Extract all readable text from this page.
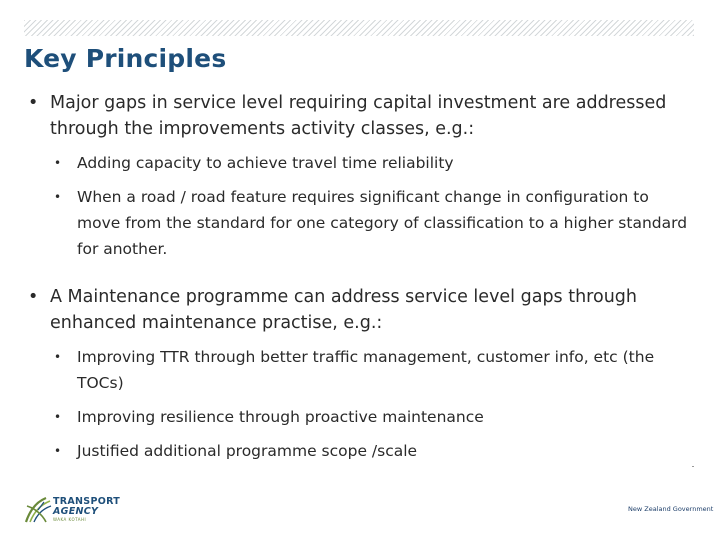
Key Principles
• Major gaps in service level requiring capital investment are addressed through the improvements activity classes, e.g.:
• Adding capacity to achieve travel time reliability
• When a road / road feature requires significant change in configuration to move from the standard for one category of classification to a higher standard for another.
• A Maintenance programme can address service level gaps through enhanced maintenance practise, e.g.:
• Improving TTR through better traffic management, customer info, etc (the TOCs)
• Improving resilience through proactive maintenance
• Justified additional programme scope /scale
TRANSPORT
AGENCY
WAKA KOTAHI
New Zealand Government
